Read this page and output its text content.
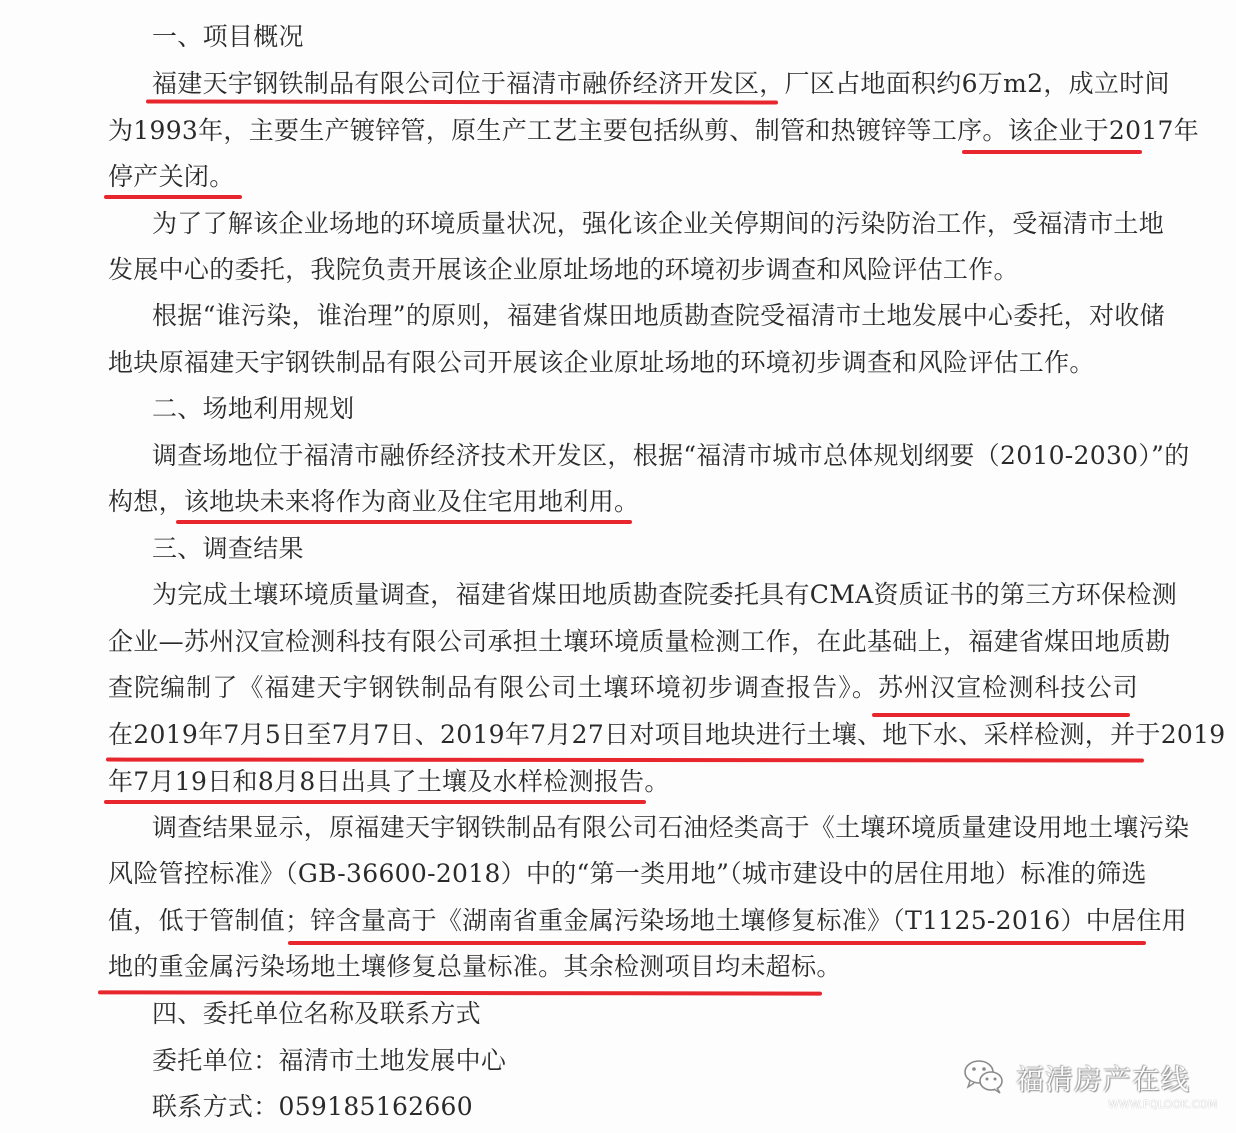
一、项目概况
福建天宇钢铁制品有限公司位于福清市融侨经济开发区，厂区占地面积约6万m2，成立时间
为1993年，主要生产镀锌管，原生产工艺主要包括纵剪、制管和热镀锌等工序。该企业于2017年
停产关闭。
为了了解该企业场地的环境质量状况，强化该企业关停期间的污染防治工作，受福清市土地
发展中心的委托，我院负责开展该企业原址场地的环境初步调查和风险评估工作。
根据“谁污染，谁治理”的原则，福建省煤田地质勘查院受福清市土地发展中心委托，对收储
地块原福建天宇钢铁制品有限公司开展该企业原址场地的环境初步调查和风险评估工作。
二、场地利用规划
调查场地位于福清市融侨经济技术开发区，根据“福清市城市总体规划纲要（2010-2030）”的
构想，该地块未来将作为商业及住宅用地利用。
三、调查结果
为完成土壤环境质量调查，福建省煤田地质勘查院委托具有CMA资质证书的第三方环保检测
企业—苏州汉宣检测科技有限公司承担土壤环境质量检测工作，在此基础上，福建省煤田地质勘
查院编制了《福建天宇钢铁制品有限公司土壤环境初步调查报告》。苏州汉宣检测科技公司
在2019年7月5日至7月7日、2019年7月27日对项目地块进行土壤、地下水、采样检测，并于2019
年7月19日和8月8日出具了土壤及水样检测报告。
调查结果显示，原福建天宇钢铁制品有限公司石油烃类高于《土壤环境质量建设用地土壤污染
风险管控标准》（GB-36600-2018）中的“第一类用地”（城市建设中的居住用地）标准的筛选
值，低于管制值；锌含量高于《湖南省重金属污染场地土壤修复标准》（T1125-2016）中居住用
地的重金属污染场地土壤修复总量标准。其余检测项目均未超标。
四、委托单位名称及联系方式
委托单位：福清市土地发展中心
联系方式：059185162660
福清房产在线
WWW.FQLOOK.COM
